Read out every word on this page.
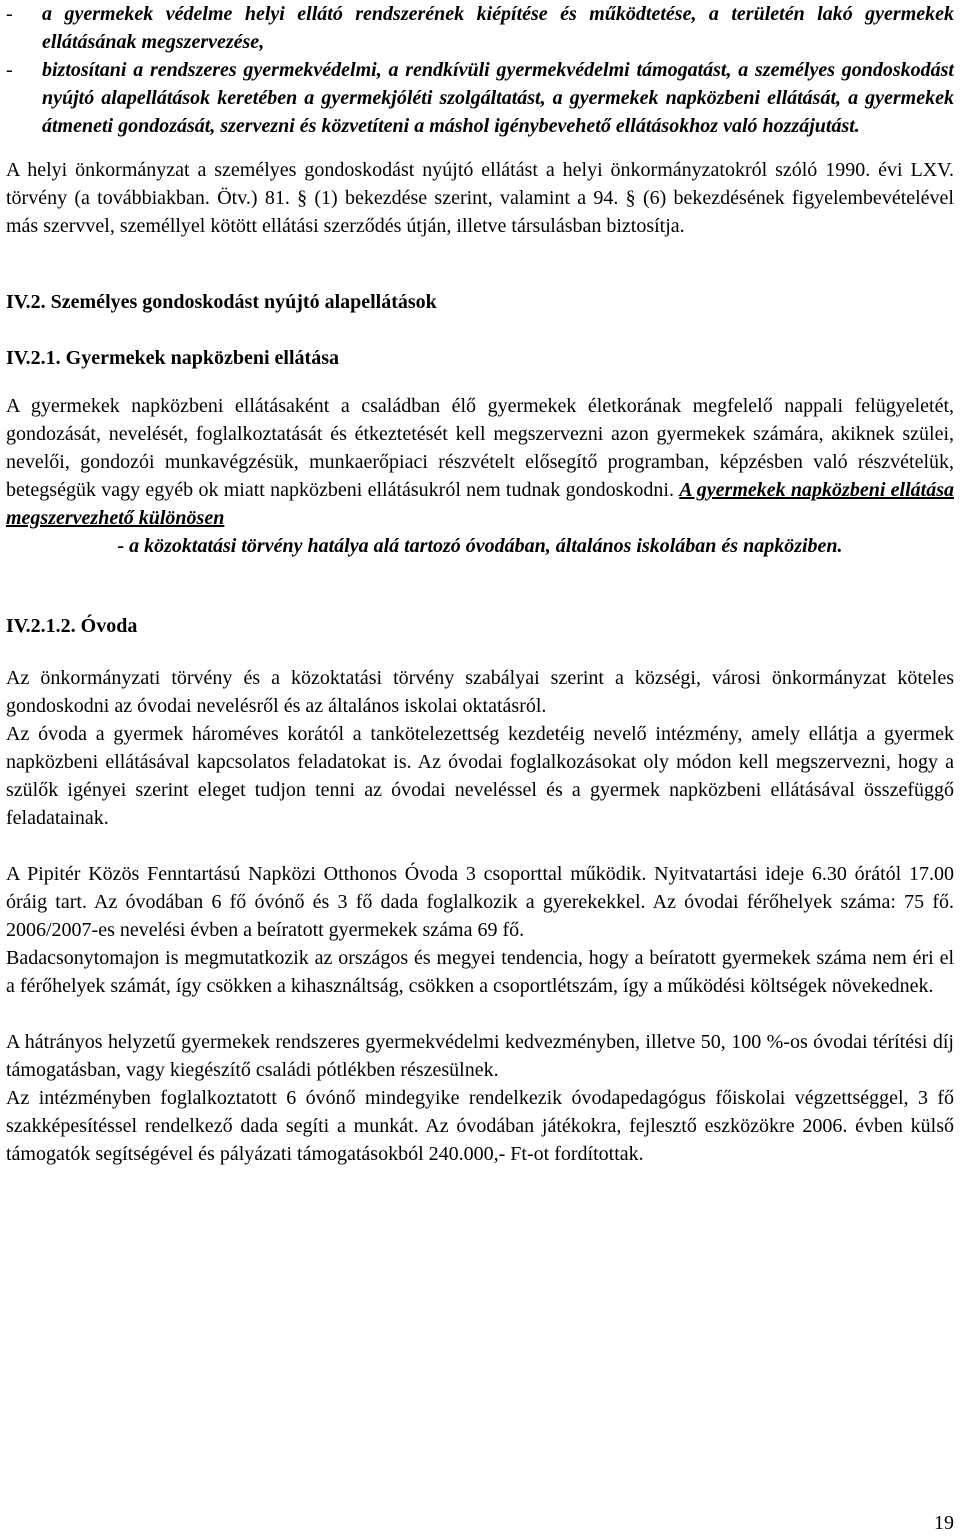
-	a gyermekek védelme helyi ellátó rendszerének kiépítése és működtetése, a területén lakó gyermekek ellátásának megszervezése,
-	biztosítani a rendszeres gyermekvédelmi, a rendkívüli gyermekvédelmi támogatást, a személyes gondoskodást nyújtó alapellátások keretében a gyermekjóléti szolgáltatást, a gyermekek napközbeni ellátását, a gyermekek átmeneti gondozását, szervezni és közvetíteni a máshol igénybevehető ellátásokhoz való hozzájutást.

A helyi önkormányzat a személyes gondoskodást nyújtó ellátást a helyi önkormányzatokról szóló 1990. évi LXV. törvény (a továbbiakban. Ötv.) 81. § (1) bekezdése szerint, valamint a 94. § (6) bekezdésének figyelembevételével más szervvel, személlyel kötött ellátási szerződés útján, illetve társulásban biztosítja.

IV.2. Személyes gondoskodást nyújtó alapellátások
IV.2.1. Gyermekek napközbeni ellátása

A gyermekek napközbeni ellátásaként a családban élő gyermekek életkorának megfelelő nappali felügyeletét, gondozását, nevelését, foglalkoztatását és étkeztetését kell megszervezni azon gyermekek számára, akiknek szülei, nevelői, gondozói munkavégzésük, munkaerőpiaci részvételt elősegítő programban, képzésben való részvételük, betegségük vagy egyéb ok miatt napközbeni ellátásukról nem tudnak gondoskodni. A gyermekek napközbeni ellátása megszervezhető különösen

- a közoktatási törvény hatálya alá tartozó óvodában, általános iskolában és napköziben.

IV.2.1.2. Óvoda

Az önkormányzati törvény és a közoktatási törvény szabályai szerint a községi, városi önkormányzat köteles gondoskodni az óvodai nevelésről és az általános iskolai oktatásról.

Az óvoda a gyermek hároméves korától a tankötelezettség kezdetéig nevelő intézmény, amely ellátja a gyermek napközbeni ellátásával kapcsolatos feladatokat is. Az óvodai foglalkozásokat oly módon kell megszervezni, hogy a szülők igényei szerint eleget tudjon tenni az óvodai neveléssel és a gyermek napközbeni ellátásával összefüggő feladatainak.

A Pipitér Közös Fenntartású Napközi Otthonos Óvoda 3 csoporttal működik. Nyitvatartási ideje 6.30 órától 17.00 óráig tart. Az óvodában 6 fő óvónő és 3 fő dada foglalkozik a gyerekekkel. Az óvodai férőhelyek száma: 75 fő. 2006/2007-es nevelési évben a beíratott gyermekek száma 69 fő.

Badacsonytomajon is megmutatkozik az országos és megyei tendencia, hogy a beíratott gyermekek száma nem éri el a férőhelyek számát, így csökken a kihasználtság, csökken a csoportlétszám, így a működési költségek növekednek.

A hátrányos helyzetű gyermekek rendszeres gyermekvédelmi kedvezményben, illetve 50, 100 %-os óvodai térítési díj támogatásban, vagy kiegészítő családi pótlékben részesülnek.

Az intézményben foglalkoztatott 6 óvónő mindegyike rendelkezik óvodapedagógus főiskolai végzettséggel, 3 fő szakképesítéssel rendelkező dada segíti a munkát. Az óvodában játékokra, fejlesztő eszközökre 2006. évben külső támogatók segítségével és pályázati támogatásokból 240.000,- Ft-ot fordítottak.

19
